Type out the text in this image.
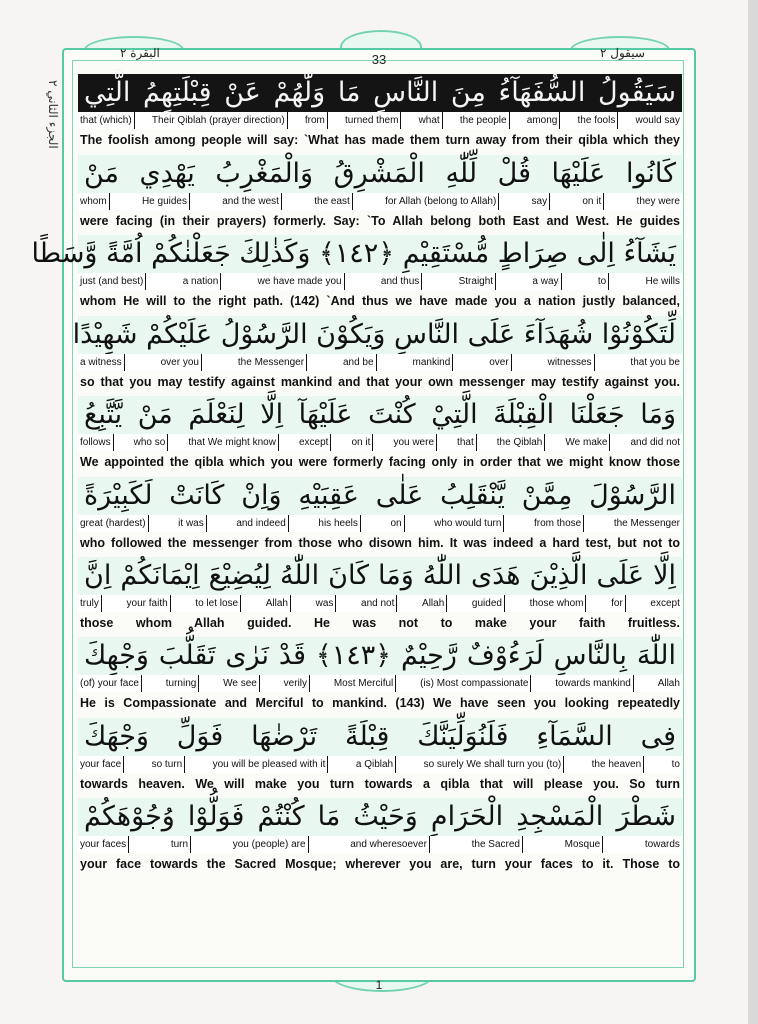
البقرة ٢	33	سیقول ٢
الجزء الثاني ٢ سَيَقُولُ السُّفَهَآءُ مِنَ النَّاسِ مَا وَلّٰهُمْ عَنْ قِبْلَتِهِمُ الَّتِي
that (which)	Their Qiblah (prayer direction)	from	turned them	what	the people	among	the fools	would say
The foolish among people will say: `What has made them turn away from their qibla which they
كَانُوا عَلَيْهَا قُلْ لِّلّٰهِ الْمَشْرِقُ وَالْمَغْرِبُ يَهْدِي مَنْ
whom	He guides	and the west	the east	for Allah (belong to Allah)	say	on it	they were
were facing (in their prayers) formerly. Say: `To Allah belong both East and West. He guides
يَشَآءُ اِلٰى صِرَاطٍ مُّسْتَقِيْمٍ ﴿١٤٢﴾ وَكَذٰلِكَ جَعَلْنٰكُمْ اُمَّةً وَّسَطًا
just (and best)	a nation	we have made you	and thus	Straight	a way	to	He wills
whom He will to the right path. (142) `And thus we have made you a nation justly balanced,
لِّتَكُوْنُوْا شُهَدَآءَ عَلَى النَّاسِ وَيَكُوْنَ الرَّسُوْلُ عَلَيْكُمْ شَهِيْدًا
a witness	over you	the Messenger	and be	mankind	over	witnesses	that you be
so that you may testify against mankind and that your own messenger may testify against you.
وَمَا جَعَلْنَا الْقِبْلَةَ الَّتِيْ كُنْتَ عَلَيْهَآ اِلَّا لِنَعْلَمَ مَنْ يَّتَّبِعُ
follows	who so	that We might know	except	on it	you were	that	the Qiblah	We make	and did not
We appointed the qibla which you were formerly facing only in order that we might know those
الرَّسُوْلَ مِمَّنْ يَّنْقَلِبُ عَلٰى عَقِبَيْهِ وَاِنْ كَانَتْ لَكَبِيْرَةً
great (hardest)	it was	and indeed	his heels	on	who would turn	from those	the Messenger
who followed the messenger from those who disown him. It was indeed a hard test, but not to
اِلَّا عَلَى الَّذِيْنَ هَدَى اللّٰهُ وَمَا كَانَ اللّٰهُ لِيُضِيْعَ اِيْمَانَكُمْ اِنَّ
truly	your faith	to let lose	Allah	was	and not	Allah	guided	those whom	for	except
those whom Allah guided. He was not to make your faith fruitless.
اللّٰهَ بِالنَّاسِ لَرَءُوْفٌ رَّحِيْمٌ ﴿١٤٣﴾ قَدْ نَرٰى تَقَلُّبَ وَجْهِكَ
(of) your face	turning	We see	verily	Most Merciful	(is) Most compassionate	towards mankind	Allah
He is Compassionate and Merciful to mankind. (143) We have seen you looking repeatedly
فِى السَّمَآءِ فَلَنُوَلِّيَنَّكَ قِبْلَةً تَرْضٰهَا فَوَلِّ وَجْهَكَ
your face	so turn	you will be pleased with it	a Qiblah	so surely We shall turn you (to)	the heaven	to
towards heaven. We will make you turn towards a qibla that will please you. So turn
شَطْرَ الْمَسْجِدِ الْحَرَامِ وَحَيْثُ مَا كُنْتُمْ فَوَلُّوْا وُجُوْهَكُمْ
your faces	turn	you (people) are	and wheresoever	the Sacred	Mosque	towards
your face towards the Sacred Mosque; wherever you are, turn your faces to it. Those to
1
